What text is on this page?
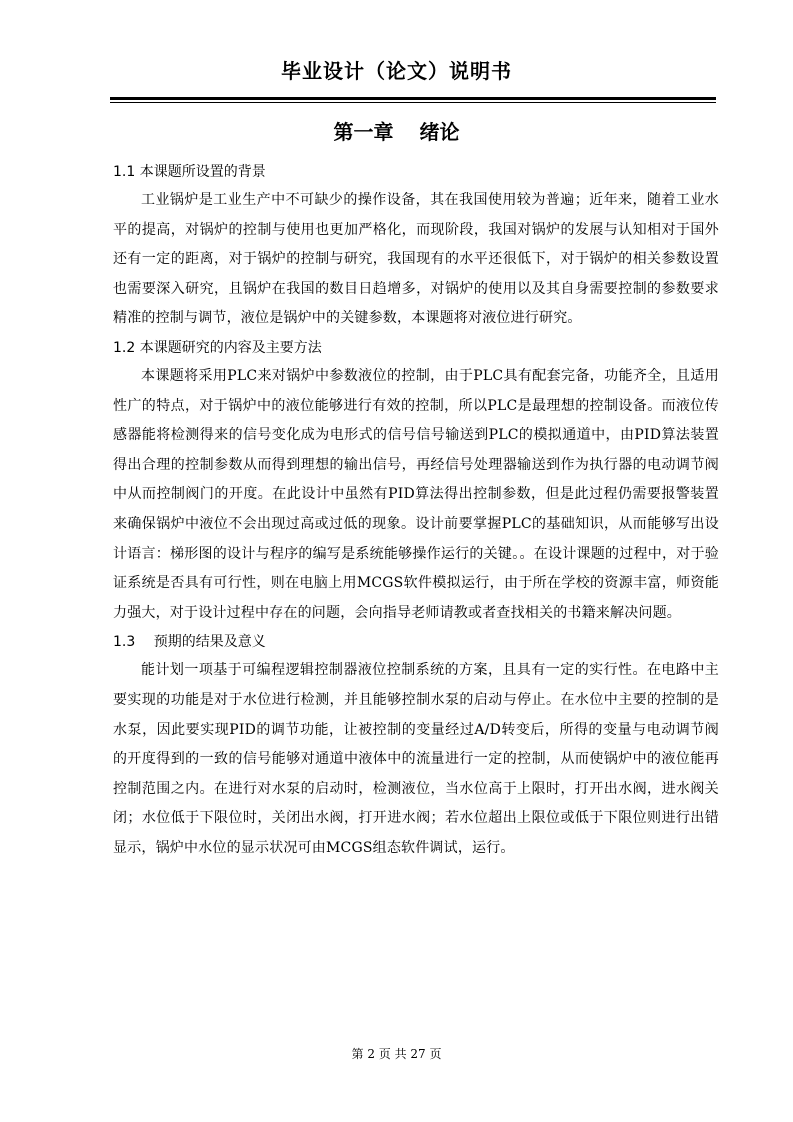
毕业设计（论文）说明书
第一章 绪论
1.1 本课题所设置的背景

工业锅炉是工业生产中不可缺少的操作设备，其在我国使用较为普遍；近年来，随着工业水平的提高，对锅炉的控制与使用也更加严格化，而现阶段，我国对锅炉的发展与认知相对于国外还有一定的距离，对于锅炉的控制与研究，我国现有的水平还很低下，对于锅炉的相关参数设置也需要深入研究，且锅炉在我国的数目日趋增多，对锅炉的使用以及其自身需要控制的参数要求精准的控制与调节，液位是锅炉中的关键参数，本课题将对液位进行研究。

1.2 本课题研究的内容及主要方法

本课题将采用PLC来对锅炉中参数液位的控制，由于PLC具有配套完备，功能齐全，且适用性广的特点，对于锅炉中的液位能够进行有效的控制，所以PLC是最理想的控制设备。而液位传感器能将检测得来的信号变化成为电形式的信号信号输送到PLC的模拟通道中，由PID算法装置得出合理的控制参数从而得到理想的输出信号，再经信号处理器输送到作为执行器的电动调节阀中从而控制阀门的开度。在此设计中虽然有PID算法得出控制参数，但是此过程仍需要报警装置来确保锅炉中液位不会出现过高或过低的现象。设计前要掌握PLC的基础知识，从而能够写出设计语言：梯形图的设计与程序的编写是系统能够操作运行的关键。。在设计课题的过程中，对于验证系统是否具有可行性，则在电脑上用MCGS软件模拟运行，由于所在学校的资源丰富，师资能力强大，对于设计过程中存在的问题，会向指导老师请教或者查找相关的书籍来解决问题。

1.3　 预期的结果及意义

能计划一项基于可编程逻辑控制器液位控制系统的方案，且具有一定的实行性。在电路中主要实现的功能是对于水位进行检测，并且能够控制水泵的启动与停止。在水位中主要的控制的是水泵，因此要实现PID的调节功能，让被控制的变量经过A/D转变后，所得的变量与电动调节阀的开度得到的一致的信号能够对通道中液体中的流量进行一定的控制，从而使锅炉中的液位能再控制范围之内。在进行对水泵的启动时，检测液位，当水位高于上限时，打开出水阀，进水阀关闭；水位低于下限位时，关闭出水阀，打开进水阀；若水位超出上限位或低于下限位则进行出错显示，锅炉中水位的显示状况可由MCGS组态软件调试，运行。

第 2 页 共 27 页
